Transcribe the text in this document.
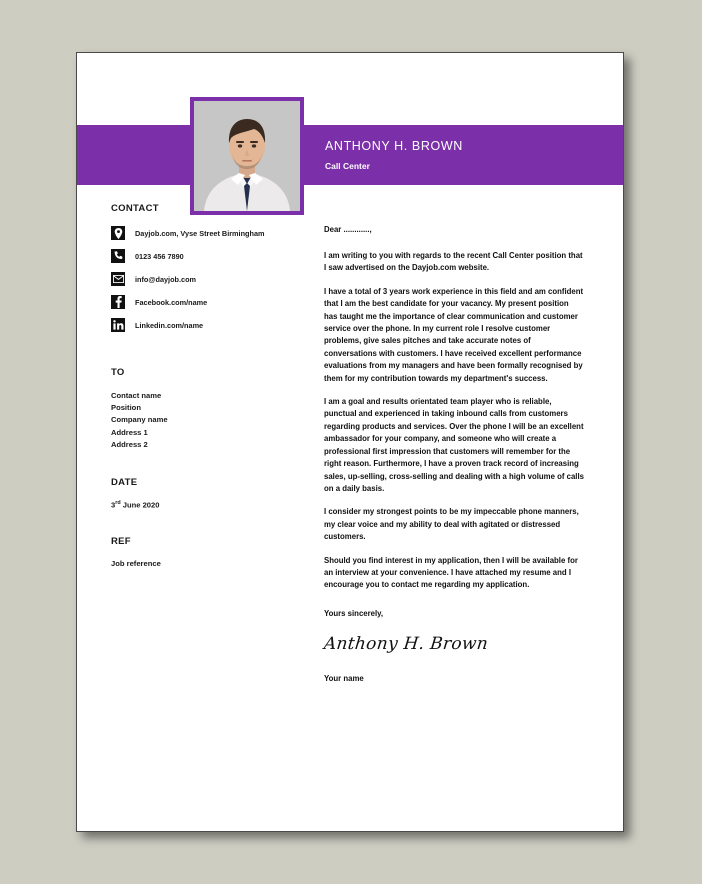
ANTHONY H. BROWN
Call Center
CONTACT
Dayjob.com, Vyse Street Birmingham
0123 456 7890
info@dayjob.com
Facebook.com/name
Linkedin.com/name
TO
Contact name
Position
Company name
Address 1
Address 2
DATE
3rd June 2020
REF
Job reference
Dear ............,
I am writing to you with regards to the recent Call Center position that I saw advertised on the Dayjob.com website.
I have a total of 3 years work experience in this field and am confident that I am the best candidate for your vacancy. My present position has taught me the importance of clear communication and customer service over the phone. In my current role I resolve customer problems, give sales pitches and take accurate notes of conversations with customers. I have received excellent performance evaluations from my managers and have been formally recognised by them for my contribution towards my department's success.
I am a goal and results orientated team player who is reliable, punctual and experienced in taking inbound calls from customers regarding products and services. Over the phone I will be an excellent ambassador for your company, and someone who will create a professional first impression that customers will remember for the right reason. Furthermore, I have a proven track record of increasing sales, up-selling, cross-selling and dealing with a high volume of calls on a daily basis.
I consider my strongest points to be my impeccable phone manners, my clear voice and my ability to deal with agitated or distressed customers.
Should you find interest in my application, then I will be available for an interview at your convenience. I have attached my resume and I encourage you to contact me regarding my application.
Yours sincerely,
Anthony H. Brown
Your name
